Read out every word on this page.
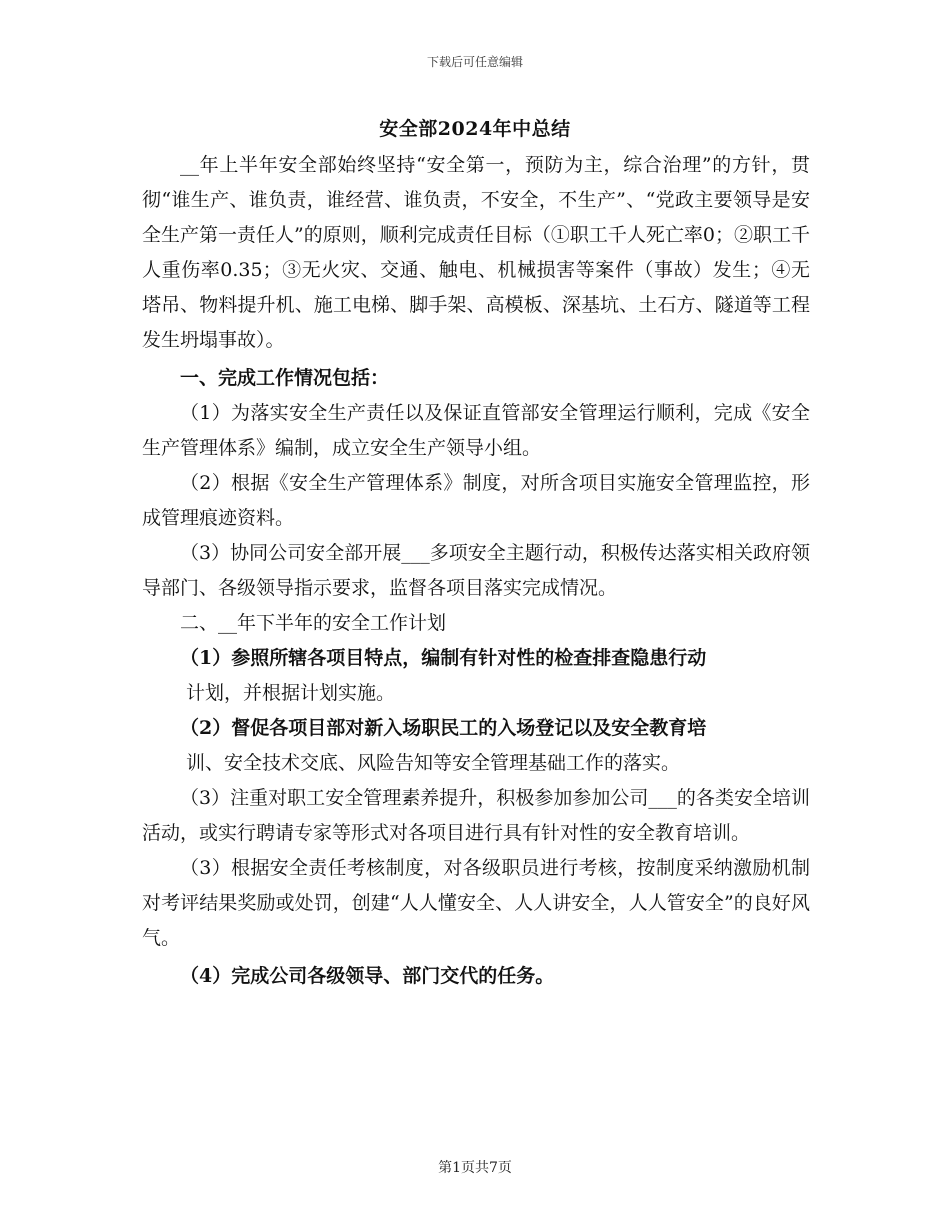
下载后可任意编辑
安全部2024年中总结

__年上半年安全部始终坚持“安全第一，预防为主，综合治理”的方针，贯彻“谁生产、谁负责，谁经营、谁负责，不安全，不生产”、“党政主要领导是安全生产第一责任人”的原则，顺利完成责任目标（①职工千人死亡率0；②职工千人重伤率0.35；③无火灾、交通、触电、机械损害等案件（事故）发生；④无塔吊、物料提升机、施工电梯、脚手架、高模板、深基坑、土石方、隧道等工程发生坍塌事故）。

一、完成工作情况包括：

（1）为落实安全生产责任以及保证直管部安全管理运行顺利，完成《安全生产管理体系》编制，成立安全生产领导小组。

（2）根据《安全生产管理体系》制度，对所含项目实施安全管理监控，形成管理痕迹资料。

（3）协同公司安全部开展___多项安全主题行动，积极传达落实相关政府领导部门、各级领导指示要求，监督各项目落实完成情况。

二、__年下半年的安全工作计划

（1）参照所辖各项目特点，编制有针对性的检查排查隐患行动

计划，并根据计划实施。

（2）督促各项目部对新入场职民工的入场登记以及安全教育培

训、安全技术交底、风险告知等安全管理基础工作的落实。

（3）注重对职工安全管理素养提升，积极参加参加公司___的各类安全培训活动，或实行聘请专家等形式对各项目进行具有针对性的安全教育培训。

（3）根据安全责任考核制度，对各级职员进行考核，按制度采纳激励机制对考评结果奖励或处罚，创建“人人懂安全、人人讲安全，人人管安全”的良好风气。

（4）完成公司各级领导、部门交代的任务。

第1页共7页
